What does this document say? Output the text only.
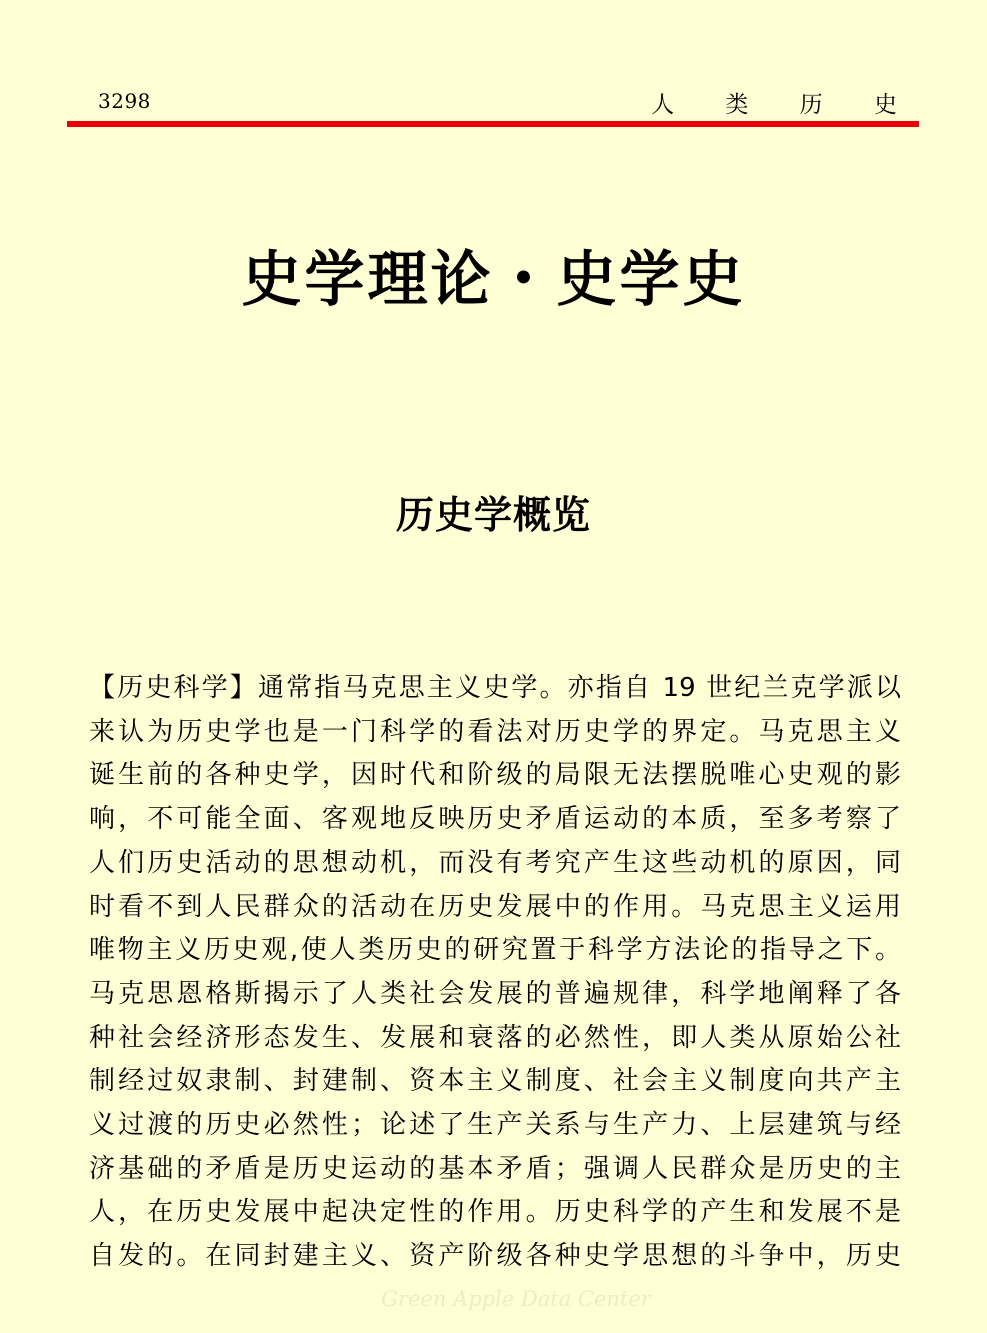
3298	人 类 历 史
史学理论・史学史
历史学概览
【历史科学】通常指马克思主义史学。亦指自 19 世纪兰克学派以
来认为历史学也是一门科学的看法对历史学的界定。马克思主义
诞生前的各种史学，因时代和阶级的局限无法摆脱唯心史观的影
响，不可能全面、客观地反映历史矛盾运动的本质，至多考察了
人们历史活动的思想动机，而没有考究产生这些动机的原因，同
时看不到人民群众的活动在历史发展中的作用。马克思主义运用
唯物主义历史观,使人类历史的研究置于科学方法论的指导之下。
马克思恩格斯揭示了人类社会发展的普遍规律，科学地阐释了各
种社会经济形态发生、发展和衰落的必然性，即人类从原始公社
制经过奴隶制、封建制、资本主义制度、社会主义制度向共产主
义过渡的历史必然性；论述了生产关系与生产力、上层建筑与经
济基础的矛盾是历史运动的基本矛盾；强调人民群众是历史的主
人，在历史发展中起决定性的作用。历史科学的产生和发展不是
自发的。在同封建主义、资产阶级各种史学思想的斗争中，历史
Green Apple Data Center
